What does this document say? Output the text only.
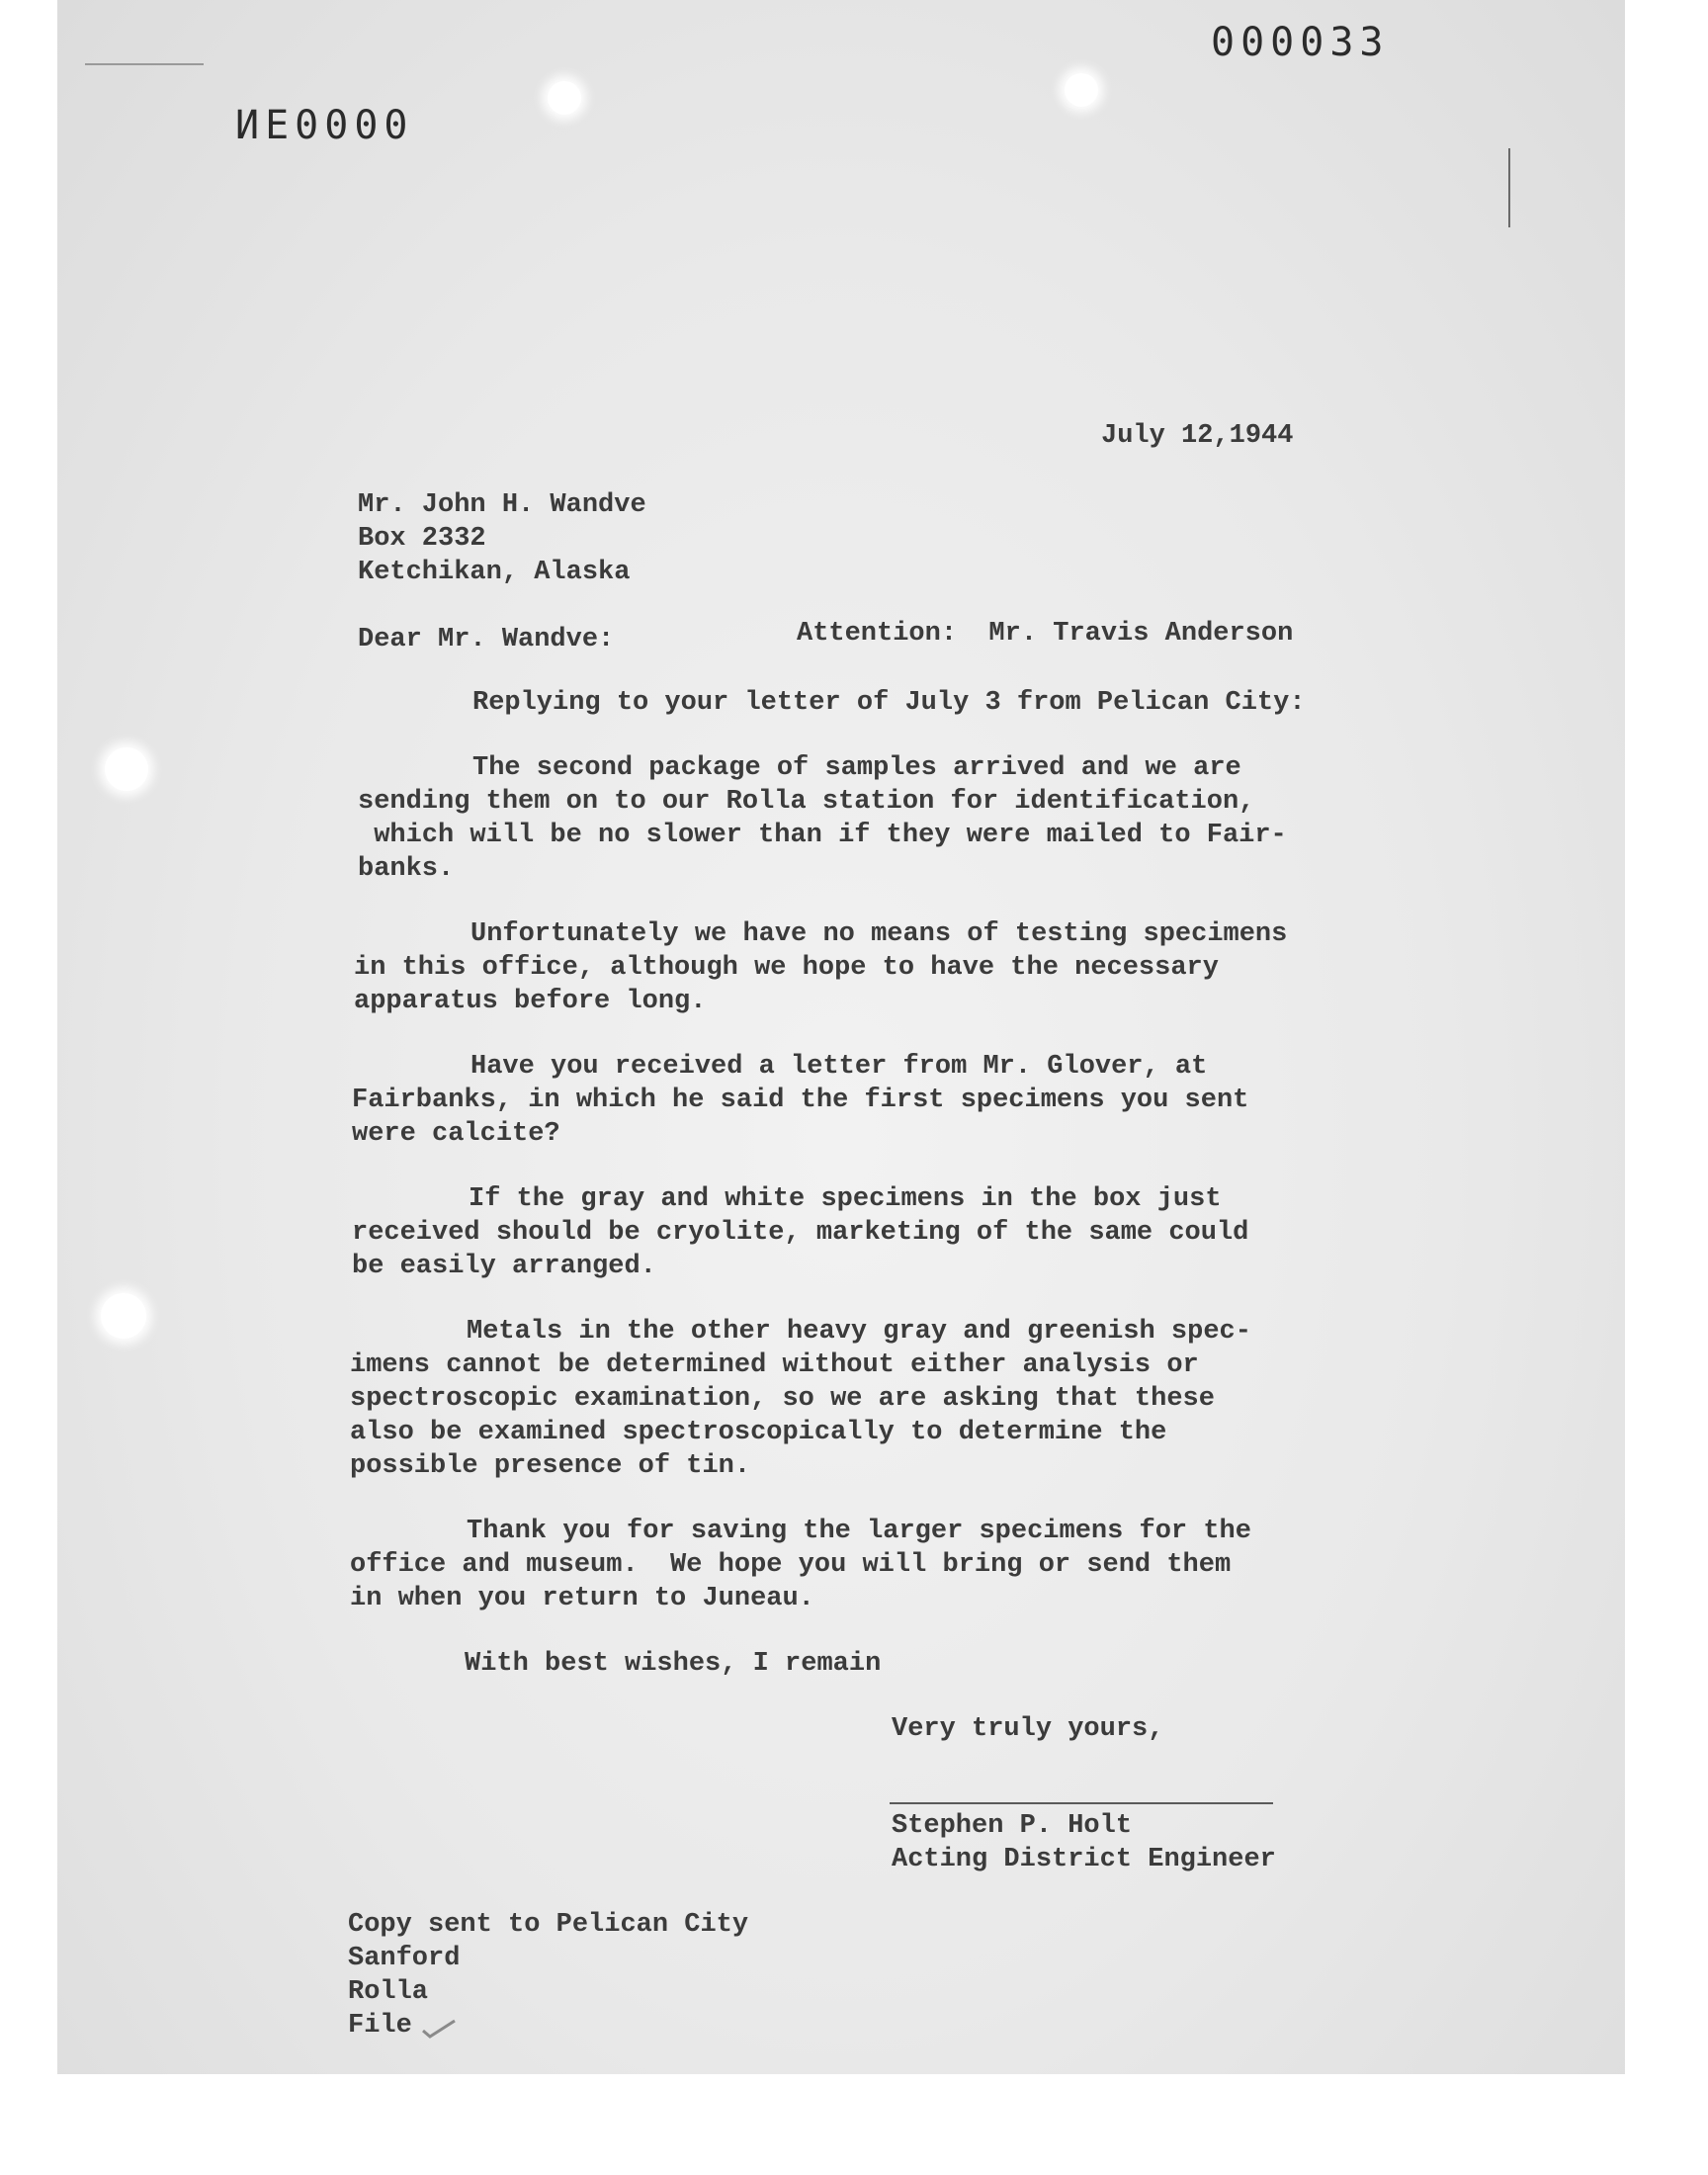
000033
ИE0000
July 12,1944
Mr. John H. Wandve
Box 2332
Ketchikan, Alaska
Dear Mr. Wandve:	Attention:  Mr. Travis Anderson
Replying to your letter of July 3 from Pelican City:
The second package of samples arrived and we are
sending them on to our Rolla station for identification,
which will be no slower than if they were mailed to Fair-
banks.
Unfortunately we have no means of testing specimens
in this office, although we hope to have the necessary
apparatus before long.
Have you received a letter from Mr. Glover, at
Fairbanks, in which he said the first specimens you sent
were calcite?
If the gray and white specimens in the box just
received should be cryolite, marketing of the same could
be easily arranged.
Metals in the other heavy gray and greenish spec-
imens cannot be determined without either analysis or
spectroscopic examination, so we are asking that these
also be examined spectroscopically to determine the
possible presence of tin.
Thank you for saving the larger specimens for the
office and museum.  We hope you will bring or send them
in when you return to Juneau.
With best wishes, I remain
Very truly yours,
Stephen P. Holt
Acting District Engineer
Copy sent to Pelican City
Sanford
Rolla
File
